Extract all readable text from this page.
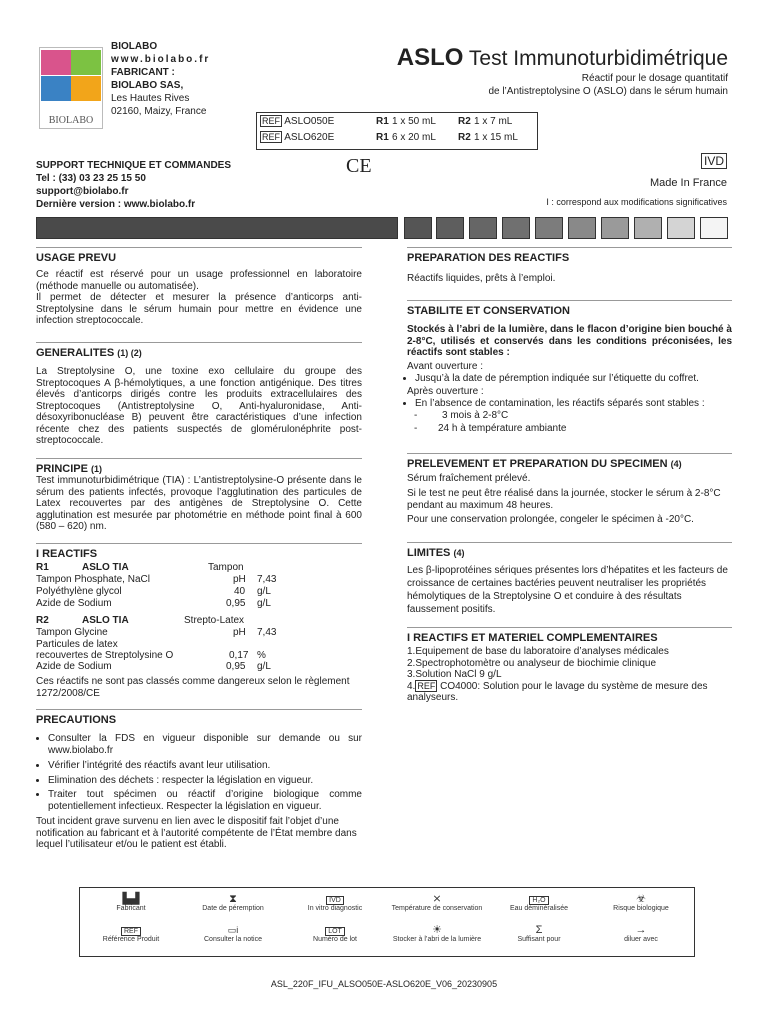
BIOLABO
BIOLABO
www.biolabo.fr
FABRICANT :
BIOLABO SAS,
Les Hautes Rives
02160, Maizy, France
ASLO Test Immunoturbidimétrique
Réactif pour le dosage quantitatif
de l’Antistreptolysine O (ASLO) dans le sérum humain
REF ASLO050E	R1 1 x 50 mL R2 1 x 7 mL
REF ASLO620E	R1 6 x 20 mL R2 1 x 15 mL
SUPPORT TECHNIQUE ET COMMANDES
Tel : (33) 03 23 25 15 50
support@biolabo.fr
Dernière version : www.biolabo.fr
CE	IVD
Made In France
I : correspond aux modifications significatives
USAGE PREVU
Ce réactif est réservé pour un usage professionnel en laboratoire (méthode manuelle ou automatisée).
Il permet de détecter et mesurer la présence d’anticorps anti-Streptolysine dans le sérum humain pour mettre en évidence une infection streptococcale.
GENERALITES (1) (2)
La Streptolysine O, une toxine exo cellulaire du groupe des Streptocoques A β-hémolytiques, a une fonction antigénique. Des titres élevés d’anticorps dirigés contre les produits extracellulaires des Streptocoques (Antistreptolysine O, Anti-hyaluronidase, Anti-désoxyribonucléase B) peuvent être caractéristiques d’une infection récente chez des patients suspectés de glomérulonéphrite post-streptococcale.
PRINCIPE (1)
Test immunoturbidimétrique (TIA) : L’antistreptolysine-O présente dans le sérum des patients infectés, provoque l’agglutination des particules de Latex recouvertes par des antigènes de Streptolysine O. Cette agglutination est mesurée par photométrie en méthode point final à 600 (580 – 620) nm.
I REACTIFS
R1	ASLO TIA	Tampon
Tampon Phosphate, NaCl	pH 7,43
Polyéthylène glycol	40 g/L
Azide de Sodium	0,95 g/L
R2	ASLO TIA	Strepto-Latex
Tampon Glycine	pH 7,43
Particules de latex
recouvertes de Streptolysine O	0,17 %
Azide de Sodium	0,95 g/L
Ces réactifs ne sont pas classés comme dangereux selon le règlement 1272/2008/CE
PRECAUTIONS
• Consulter la FDS en vigueur disponible sur demande ou sur www.biolabo.fr
• Vérifier l’intégrité des réactifs avant leur utilisation.
• Elimination des déchets : respecter la législation en vigueur.
• Traiter tout spécimen ou réactif d’origine biologique comme potentiellement infectieux. Respecter la législation en vigueur.
Tout incident grave survenu en lien avec le dispositif fait l’objet d’une notification au fabricant et à l’autorité compétente de l’État membre dans lequel l’utilisateur et/ou le patient est établi.
PREPARATION DES REACTIFS
Réactifs liquides, prêts à l’emploi.
STABILITE ET CONSERVATION
Stockés à l’abri de la lumière, dans le flacon d’origine bien bouché à 2-8°C, utilisés et conservés dans les conditions préconisées, les réactifs sont stables :
Avant ouverture :
• Jusqu’à la date de péremption indiquée sur l’étiquette du coffret.
Après ouverture :
• En l’absence de contamination, les réactifs séparés sont stables :
- 3 mois à 2-8°C
- 24 h à température ambiante
PRELEVEMENT ET PREPARATION DU SPECIMEN (4)
Sérum fraîchement prélevé.
Si le test ne peut être réalisé dans la journée, stocker le sérum à 2-8°C pendant au maximum 48 heures.
Pour une conservation prolongée, congeler le spécimen à -20°C.
LIMITES (4)
Les β-lipoprotéines sériques présentes lors d’hépatites et les facteurs de croissance de certaines bactéries peuvent neutraliser les propriétés hémolytiques de la Streptolysine O et conduire à des résultats faussement positifs.
I REACTIFS ET MATERIEL COMPLEMENTAIRES
1.Equipement de base du laboratoire d’analyses médicales
2.Spectrophotomètre ou analyseur de biochimie clinique
3.Solution NaCl 9 g/L
4. REF CO4000: Solution pour le lavage du système de mesure des analyseurs.
▙▟
Fabricant
⧗
Date de péremption
IVD
In vitro diagnostic
⨯
Température de conservation
H₂O
Eau déminéralisée
☣
Risque biologique
REF
Référence Produit
▭i
Consulter la notice
LOT
Numéro de lot
☀
Stocker à l’abri de la lumière
Σ
Suffisant pour
→
diluer avec
ASL_220F_IFU_ALSO050E-ASLO620E_V06_20230905
